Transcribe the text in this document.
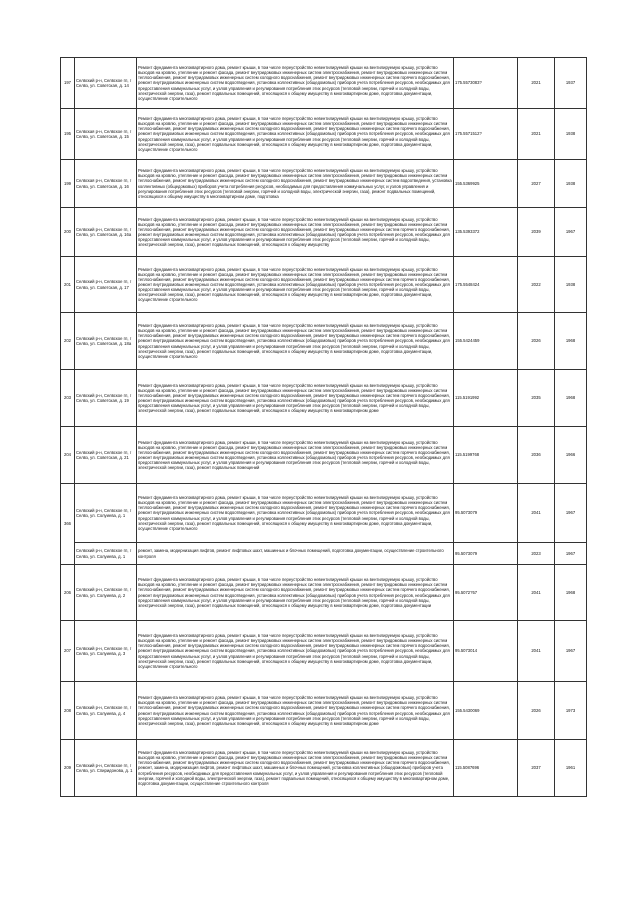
197	Селвский р-н, Селвское гп, г Селвз, ул. Советская, д. 14	Ремонт фундамента многоквартирного дома, ремонт крыши, в том числе переустройство невентилируемой крыши на вентилируемую крышу, устройство выходов на кровлю, утепление и ремонт фасада, ремонт внутридомовых инженерных систем электроснабжения, ремонт внутридомовых инженерных систем теплоснабжения, ремонт внутридомовых инженерных систем холодного водоснабжения, ремонт внутридомовых инженерных систем горячего водоснабжения, ремонт внутридомовых инженерных систем водоотведения, установка коллективных (общедомовых) приборов учета потребления ресурсов, необходимых для предоставления коммунальных услуг, и узлов управления и регулирования потребления этих ресурсов (тепловой энергии, горячей и холодной воды, электрической энергии, газа), ремонт подвальных помещений, относящихся к общему имуществу в многоквартирном доме, подготовка документации, осуществление строительного	175.5573083?	2021	1937
195	Селвская р-н, Селвское гп, г Селвз, ул. Советская, д. 15	Ремонт фундамента многоквартирного дома, ремонт крыши, в том числе переустройство невентилируемой крыши на вентилируемую крышу, устройство выходов на кровлю, утепление и ремонт фасада, ремонт внутридомовых инженерных систем электроснабжения, ремонт внутридомовых инженерных систем теплоснабжения, ремонт внутридомовых инженерных систем холодного водоснабжения, ремонт внутридомовых инженерных систем горячего водоснабжения, ремонт внутридомовых инженерных систем водоотведения, установка коллективных (общедомовых) приборов учета потребления ресурсов, необходимых для предоставления коммунальных услуг, и узлов управления и регулирования потребления этих ресурсов (тепловой энергии, горячей и холодной воды, электрической энергии, газа), ремонт подвальных помещений, относящихся к общему имуществу в многоквартирном доме, подготовка документации, осуществление строительного	175.5571512?	2021	1938
199	Селвская р-н, Селвское гп, г Селвз, ул. Советская, д. 16	Ремонт фундамента многоквартирного дома, ремонт крыши, в том числе переустройство невентилируемой крыши на вентилируемую крышу, устройство выходов на кровлю, утепление и ремонт фасада, ремонт внутридомовых инженерных систем электроснабжения, ремонт внутридомовых инженерных систем теплоснабжения, ремонт внутридомовых инженерных систем холодного водоснабжения, ремонт внутридомовых инженерных систем водоотведения, установка коллективных (общедомовых) приборов учета потребления ресурсов, необходимых для предоставления коммунальных услуг, и узлов управления и регулирования потребления этих ресурсов (тепловой энергии, горячей и холодной воды, электрической энергии, газа), ремонт подвальных помещений, относящихся к общему имуществу в многоквартирном доме, подготовка	155.5369925	2027	1938
200	Селвский р-н, Селвское гп, г Селвз, ул. Советская, д. 16а	Ремонт фундамента многоквартирного дома, ремонт крыши, в том числе переустройство невентилируемой крыши на вентилируемую крышу, устройство выходов на кровлю, утепление и ремонт фасада, ремонт внутридомовых инженерных систем электроснабжения, ремонт внутридомовых инженерных систем теплоснабжения, ремонт внутридомовых инженерных систем холодного водоснабжения, ремонт внутридомовых инженерных систем горячего водоснабжения, ремонт внутридомовых инженерных систем водоотведения, установка коллективных (общедомовых) приборов учета потребления ресурсов, необходимых для предоставления коммунальных услуг, и узлов управления и регулирования потребления этих ресурсов (тепловой энергии, горячей и холодной воды, электрической энергии, газа), ремонт подвальных помещений, относящихся к общему имуществу	135.5393372	2039	1967
201	Селвский р-н, Селвское гп, г Селвз, ул. Советская, д. 17	Ремонт фундамента многоквартирного дома, ремонт крыши, в том числе переустройство невентилируемой крыши на вентилируемую крышу, устройство выходов на кровлю, утепление и ремонт фасада, ремонт внутридомовых инженерных систем электроснабжения, ремонт внутридомовых инженерных систем теплоснабжения, ремонт внутридомовых инженерных систем холодного водоснабжения, ремонт внутридомовых инженерных систем горячего водоснабжения, ремонт внутридомовых инженерных систем водоотведения, установка коллективных (общедомовых) приборов учета потребления ресурсов, необходимых для предоставления коммунальных услуг, и узлов управления и регулирования потребления этих ресурсов (тепловой энергии, горячей и холодной воды, электрической энергии, газа), ремонт подвальных помещений, относящихся к общему имуществу в многоквартирном доме, подготовка документации, осуществление строительного	175.5548424	2022	1938
202	Селвский р-н, Селвское гп, г Селвз, ул. Советская, д. 18а	Ремонт фундамента многоквартирного дома, ремонт крыши, в том числе переустройство невентилируемой крыши на вентилируемую крышу, устройство выходов на кровлю, утепление и ремонт фасада, ремонт внутридомовых инженерных систем электроснабжения, ремонт внутридомовых инженерных систем теплоснабжения, ремонт внутридомовых инженерных систем холодного водоснабжения, ремонт внутридомовых инженерных систем горячего водоснабжения, ремонт внутридомовых инженерных систем водоотведения, установка коллективных (общедомовых) приборов учета потребления ресурсов, необходимых для предоставления коммунальных услуг, и узлов управления и регулирования потребления этих ресурсов (тепловой энергии, горячей и холодной воды, электрической энергии, газа), ремонт подвальных помещений, относящихся к общему имуществу в многоквартирном доме, подготовка документации, осуществление строительного	155.5424459	2026	1968
203	Селвский р-н, Селвское гп, г Селвз, ул. Советская, д. 19	Ремонт фундамента многоквартирного дома, ремонт крыши, в том числе переустройство невентилируемой крыши на вентилируемую крышу, устройство выходов на кровлю, утепление и ремонт фасада, ремонт внутридомовых инженерных систем электроснабжения, ремонт внутридомовых инженерных систем теплоснабжения, ремонт внутридомовых инженерных систем холодного водоснабжения, ремонт внутридомовых инженерных систем горячего водоснабжения, ремонт внутридомовых инженерных систем водоотведения, установка коллективных (общедомовых) приборов учета потребления ресурсов, необходимых для предоставления коммунальных услуг, и узлов управления и регулирования потребления этих ресурсов (тепловой энергии, горячей и холодной воды, электрической энергии, газа), ремонт подвальных помещений, относящихся к общему имуществу в многоквартирном доме	115.5191992	2035	1968
204	Селвский р-н, Селвское гп, г Селвз, ул. Советская, д. 21	Ремонт фундамента многоквартирного дома, ремонт крыши, в том числе переустройство невентилируемой крыши на вентилируемую крышу, устройство выходов на кровлю, утепление и ремонт фасада, ремонт внутридомовых инженерных систем электроснабжения, ремонт внутридомовых инженерных систем теплоснабжения, ремонт внутридомовых инженерных систем холодного водоснабжения, ремонт внутридомовых инженерных систем горячего водоснабжения, ремонт внутридомовых инженерных систем водоотведения, установка коллективных (общедомовых) приборов учета потребления ресурсов, необходимых для предоставления коммунальных услуг, и узлов управления и регулирования потребления этих ресурсов (тепловой энергии, горячей и холодной воды, электрической энергии, газа), ремонт подвальных помещений	115.5199768	2036	1966
366	Селвский р-н, Селвское гп, г Селвз, ул. Солуиева, д. 1	Ремонт фундамента многоквартирного дома, ремонт крыши, в том числе переустройство невентилируемой крыши на вентилируемую крышу, устройство выходов на кровлю, утепление и ремонт фасада, ремонт внутридомовых инженерных систем электроснабжения, ремонт внутридомовых инженерных систем теплоснабжения, ремонт внутридомовых инженерных систем холодного водоснабжения, ремонт внутридомовых инженерных систем горячего водоснабжения, ремонт внутридомовых инженерных систем водоотведения, установка коллективных (общедомовых) приборов учета потребления ресурсов, необходимых для предоставления коммунальных услуг, и узлов управления и регулирования потребления этих ресурсов (тепловой энергии, горячей и холодной воды, электрической энергии, газа), ремонт подвальных помещений, относящихся к общему имуществу в многоквартирном доме, подготовка документации, осуществление строительного	95.5073079	2041	1967
	Селвский р-н, Селвское гп, г Селвз, ул. Солуиева, д. 1	ремонт, замена, модернизация лифтов, ремонт лифтовых шахт, машинных и блочных помещений, подготовка документации, осуществление строительного контроля	95.5073079	2023	1967
206	Селвский р-н, Селвское гп, г Селвз, ул. Солуиева, д. 2	Ремонт фундамента многоквартирного дома, ремонт крыши, в том числе переустройство невентилируемой крыши на вентилируемую крышу, устройство выходов на кровлю, утепление и ремонт фасада, ремонт внутридомовых инженерных систем электроснабжения, ремонт внутридомовых инженерных систем теплоснабжения, ремонт внутридомовых инженерных систем холодного водоснабжения, ремонт внутридомовых инженерных систем горячего водоснабжения, ремонт внутридомовых инженерных систем водоотведения, установка коллективных (общедомовых) приборов учета потребления ресурсов, необходимых для предоставления коммунальных услуг, и узлов управления и регулирования потребления этих ресурсов (тепловой энергии, горячей и холодной воды, электрической энергии, газа), ремонт подвальных помещений, относящихся к общему имуществу в многоквартирном доме, подготовка документации	95.5072?57	2041	1968
207	Селвский р-н, Селвское гп, г Селвз, ул. Солуиева, д. 3	Ремонт фундамента многоквартирного дома, ремонт крыши, в том числе переустройство невентилируемой крыши на вентилируемую крышу, устройство выходов на кровлю, утепление и ремонт фасада, ремонт внутридомовых инженерных систем электроснабжения, ремонт внутридомовых инженерных систем теплоснабжения, ремонт внутридомовых инженерных систем холодного водоснабжения, ремонт внутридомовых инженерных систем горячего водоснабжения, ремонт внутридомовых инженерных систем водоотведения, установка коллективных (общедомовых) приборов учета потребления ресурсов, необходимых для предоставления коммунальных услуг, и узлов управления и регулирования потребления этих ресурсов (тепловой энергии, горячей и холодной воды, электрической энергии, газа), ремонт подвальных помещений, относящихся к общему имуществу в многоквартирном доме, подготовка документации, осуществление строительного	95.5073014	2041	1967
208	Селвский р-н, Селвское гп, г Селвз, ул. Солуиева, д. 4	Ремонт фундамента многоквартирного дома, ремонт крыши, в том числе переустройство невентилируемой крыши на вентилируемую крышу, устройство выходов на кровлю, утепление и ремонт фасада, ремонт внутридомовых инженерных систем электроснабжения, ремонт внутридомовых инженерных систем теплоснабжения, ремонт внутридомовых инженерных систем холодного водоснабжения, ремонт внутридомовых инженерных систем горячего водоснабжения, ремонт внутридомовых инженерных систем водоотведения, установка коллективных (общедомовых) приборов учета потребления ресурсов, необходимых для предоставления коммунальных услуг, и узлов управления и регулирования потребления этих ресурсов (тепловой энергии, горячей и холодной воды, электрической энергии, газа), ремонт подвальных помещений, относящихся к общему имуществу в многоквартирном доме	155.5430069	2026	1973
209	Селвский р-н, Селвское гп, г Селвз, ул. Спиридонова, д. 1	Ремонт фундамента многоквартирного дома, ремонт крыши, в том числе переустройство невентилируемой крыши на вентилируемую крышу, устройство выходов на кровлю, утепление и ремонт фасада, ремонт внутридомовых инженерных систем электроснабжения, ремонт внутридомовых инженерных систем теплоснабжения, ремонт внутридомовых инженерных систем холодного водоснабжения, ремонт внутридомовых инженерных систем горячего водоснабжения, ремонт, замена, модернизация лифтов, ремонт лифтовых шахт, машинных и блочных помещений, установка коллективных (общедомовых) приборов учета потребления ресурсов, необходимых для предоставления коммунальных услуг, и узлов управления и регулирования потребления этих ресурсов (тепловой энергии, горячей и холодной воды, электрической энергии, газа), ремонт подвальных помещений, относящихся к общему имуществу в многоквартирном доме, подготовка документации, осуществление строительного контроля	115.5087696	2037	1961
